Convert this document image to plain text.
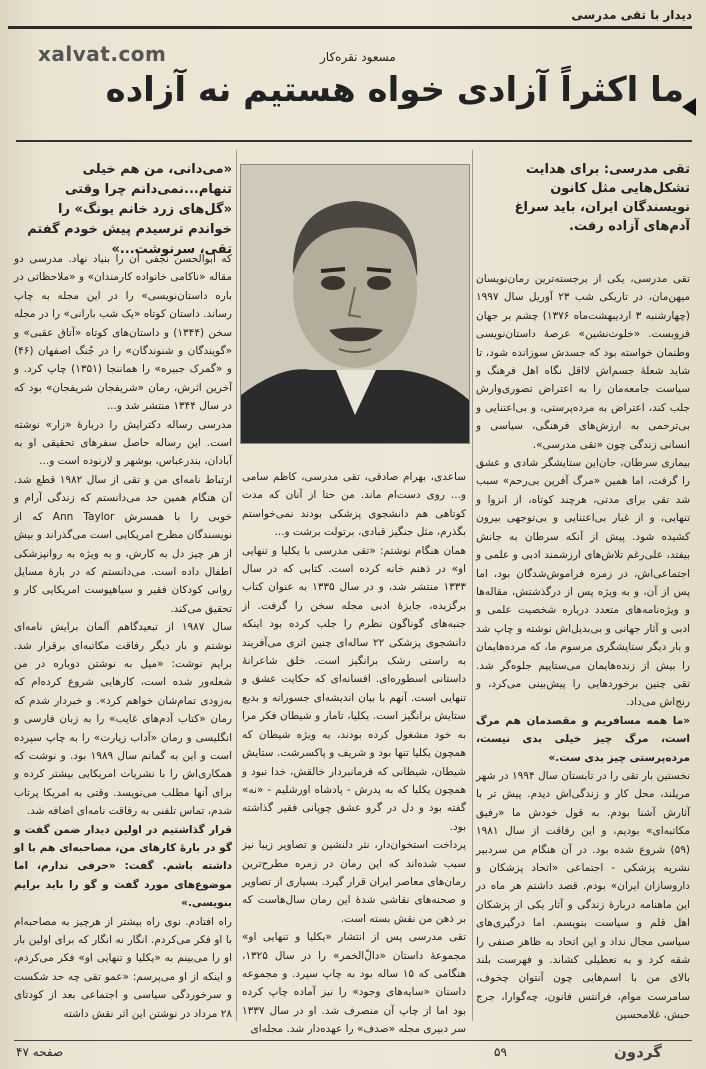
دیدار با تقی مدرسی
xalvat.com	مسعود نقره‌کار
ما اکثراً آزادی خواه هستیم نه آزاده
تقی مدرسی: برای هدایت تشکل‌هایی مثل کانون نویسندگان ایران، باید سراغ آدم‌های آزاده رفت.
«می‌دانی، من هم خیلی تنهام...نمی‌دانم چرا وقتی «گل‌های زرد خانم یونگ» را خواندم ترسیدم پیش خودم گفتم تقی، سرنوشت...»

تقی مدرسی، یکی از برجسته‌ترین رمان‌نویسان میهن‌مان، در تاریکی شب ۲۳ آوریل سال ۱۹۹۷ (چهارشنبه ۳ اردیبهشت‌ماه ۱۳۷۶) چشم بر جهان فروبست. «خلوت‌نشین» عرصهٔ داستان‌نویسی وطنمان خواسته بود که جسدش سوزانده شود، تا شاید شعلهٔ جسم‌اش لااقل نگاه اهل فرهنگ و سیاست جامعه‌مان را به اعتراض تصوری‌وارش جلب کند، اعتراض به مرده‌پرستی، و بی‌اعتنایی و بی‌ترحمی به ارزش‌های فرهنگی، سیاسی و انسانی زندگی چون «تقی مدرسی».

بیماری سرطان، جان‌این ستایشگر شادی و عشق را گرفت، اما همین «مرگ آفرین بی‌رحم» سبب شد تقی برای مدتی، هرچند کوتاه، از انزوا و تنهایی، و از غبار بی‌اعتنایی و بی‌توجهی بیرون کشیده شود. پیش از آنکه سرطان به جانش بیفتد، علی‌رغم تلاش‌های ارزشمند ادبی و علمی و اجتماعی‌اش، در زمره فراموش‌شدگان بود، اما پس از آن، و به ویژه پس از درگذشتش، مقاله‌ها و ویژه‌نامه‌های متعدد درباره شخصیت علمی و ادبی و آثار جهانی و بی‌بدیل‌اش نوشته و چاپ شد و بار دیگر ستایشگری مرسوم ما، که مرده‌هایمان را بیش از زنده‌هایمان می‌ستاییم جلوه‌گر شد. تقی چنین برخوردهایی را پیش‌بینی می‌کرد، و رنج‌اش می‌داد.

«ما همه مسافریم و مقصدمان هم مرگ است، مرگ چیز خیلی بدی نیست، مرده‌پرستی چیز بدی ست.»

نخستین بار تقی را در تابستان سال ۱۹۹۴ در شهر مریلند، محل کار و زندگی‌اش دیدم. پیش تر با آثارش آشنا بودم. به قول خودش ما «رفیق مکاتبه‌ای» بودیم، و این رفاقت از سال ۱۹۸۱ (۵۹) شروع شده بود. در آن هنگام من سردبیر نشریه پزشکی - اجتماعی «اتحاد پزشکان و داروسازان ایران» بودم. قصد داشتم هر ماه در این ماهنامه دربارهٔ زندگی و آثار یکی از پزشکان اهل قلم و سیاست بنویسم. اما درگیری‌های سیاسی مجال نداد و این اتحاد به ظاهر صنفی را شقه کرد و به تعطیلی کشاند. و فهرست بلند بالای من با اسم‌هایی چون آنتوان چخوف، سامرست موام، فرانتس فانون، چه‌گوارا، جرج حبش، غلامحسین

ساعدی، بهرام صادقی، تقی مدرسی، کاظم سامی و... روی دست‌ام ماند. من حتا از آنان که مدت کوتاهی هم دانشجوی پزشکی بودند نمی‌خواستم بگذرم، مثل جنگیز قبادی، برتولت برشت و...

همان هنگام نوشتم: «تقی مدرسی با یکلیا و تنهایی او» در ذهنم خانه کرده است. کتابی که در سال ۱۳۳۳ منتشر شد، و در سال ۱۳۳۵ به عنوان کتاب برگزیده، جایزهٔ ادبی مجله سخن را گرفت. از جنبه‌های گوناگون نظرم را جلب کرده بود اینکه دانشجوی پزشکی ۲۲ ساله‌ای چنین اثری می‌آفریند به راستی رشک برانگیز است. خلق شاعرانهٔ داستانی اسطوره‌ای. افسانه‌ای که حکایت عشق و تنهایی است. آنهم با بیان اندیشه‌ای جسورانه و بدیع ستایش برانگیز است. یکلیا، تامار و شیطان فکر مرا به خود مشغول کرده بودند، به ویژه شیطان که همچون یکلیا تنها بود و شریف و پاکسرشت. ستایش شیطان، شیطانی که فرمانبردار خالقش، خدا نبود و همچون یکلیا که به پدرش - پادشاه اورشلیم - «نه» گفته بود و دل در گرو عشق چوپانی فقیر گذاشته بود.

پرداخت استخوان‌دار، نثر دلنشین و تصاویر زیبا نیز سبب شده‌اند که این رمان در زمره مطرح‌ترین رمان‌های معاصر ایران قرار گیرد. بسیاری از تصاویر و صحنه‌های نقاشی شدهٔ این رمان سال‌هاست که بر ذهن من نقش بسته است.

تقی مدرسی پس از انتشار «یکلیا و تنهایی او» مجموعهٔ داستان «دالّ‌الخمر» را در سال ۱۳۲۵، هنگامی که ۱۵ ساله بود به چاپ سپرد. و مجموعه داستان «سایه‌های وجود» را نیز آماده چاپ کرده بود اما از چاپ آن منصرف شد. او در سال ۱۳۳۷ سر دبیری مجله «صدف» را عهده‌دار شد. مجله‌ای

که ابوالحسن نجفی آن را بنیاد نهاد. مدرسی دو مقاله «ناکامی خانواده کارمندان» و «ملاحظاتی در باره داستان‌نویسی» را در این مجله به چاپ رساند. داستان کوتاه «یک شب بارانی» را در مجله سخن (۱۳۴۴) و داستان‌های کوتاه «آتاق عقبی» و «گویندگان و شنوندگان» را در جُنگ اصفهان (۴۶) و «گمرک جبیره» را هماننجا (۱۳۵۱) چاپ کرد. و آخرین اثرش، رمان «شریفجان شریفجان» بود که در سال ۱۳۴۴ منتشر شد و...

مدرسی رساله دکترایش را دربارهٔ «زار» نوشته است. این رساله حاصل سفرهای تحقیقی او به آبادان، بندرعباس، بوشهر و لارنوده است و...

ارتباط نامه‌ای من و تقی از سال ۱۹۸۲ قطع شد. آن هنگام همین حد می‌دانستم که زندگی آرام و خوبی را با همسرش Ann Taylor که از نویسندگان مطرح امریکایی است می‌گذراند و بیش از هر چیز دل به کارش، و به ویژه به روانپزشکی اطفال داده است. می‌دانستم که در بارهٔ مسایل روانی کودکان فقیر و سیاهپوست امریکایی کار و تحقیق می‌کند.

سال ۱۹۸۷ از تبعیدگاهم آلمان برایش نامه‌ای نوشتم و بار دیگر رفاقت مکاتبه‌ای برقرار شد. برایم نوشت: «میل به نوشتن دوباره در من شعله‌ور شده است، کارهایی شروع کرده‌ام که به‌زودی تمام‌شان خواهم کرد». و خبردار شدم که رمان «کتاب آدم‌های غایب» را به زبان فارسی و انگلیسی و رمان «آداب زیارت» را به چاپ سپرده است و این به گمانم سال ۱۹۸۹ بود. و نوشت که همکاری‌اش را با نشریات امریکایی بیشتر کرده و برای آنها مطلب می‌نویسد. وقتی به امریکا پرتاب شدم، تماس تلفنی به رفاقت نامه‌ای اضافه شد.

قرار گذاشتیم در اولین دیدار ضمن گفت و گو در بارهٔ کارهای من، مصاحبه‌ای هم با او داشته باشم. گفت: «حرفی ندارم، اما موضوع‌های مورد گفت و گو را باید برایم بنویسی.»

راه افتادم. نوی راه بیشتر از هرچیز به مصاحبه‌ام با او فکر می‌کردم. انگار نه انگار که برای اولین بار او را می‌بینم به «یکلیا و تنهایی او» فکر می‌کردم، و اینکه از او می‌پرسم: «عمو تقی چه حد شکست و سرخوردگی سیاسی و اجتماعی بعد از کودتای ۲۸ مرداد در نوشتن این اثر نقش داشته

صفحه ۴۷	۵۹	گردون
